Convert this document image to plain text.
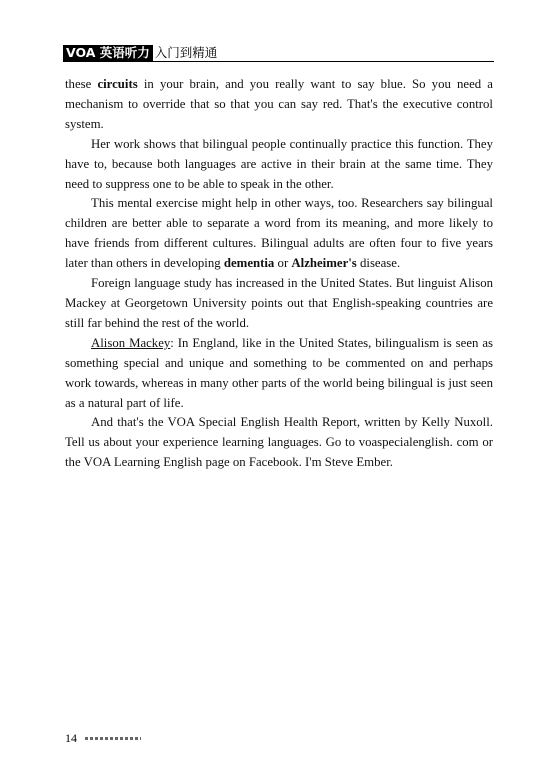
VOA 英语听力 入门到精通

these circuits in your brain, and you really want to say blue. So you need a mechanism to override that so that you can say red. That's the executive control system.

Her work shows that bilingual people continually practice this function. They have to, because both languages are active in their brain at the same time. They need to suppress one to be able to speak in the other.

This mental exercise might help in other ways, too. Researchers say bilingual children are better able to separate a word from its meaning, and more likely to have friends from different cultures. Bilingual adults are often four to five years later than others in developing dementia or Alzheimer's disease.

Foreign language study has increased in the United States. But linguist Alison Mackey at Georgetown University points out that English-speaking countries are still far behind the rest of the world.

Alison Mackey: In England, like in the United States, bilingualism is seen as something special and unique and something to be commented on and perhaps work towards, whereas in many other parts of the world being bilingual is just seen as a natural part of life.

And that's the VOA Special English Health Report, written by Kelly Nuxoll. Tell us about your experience learning languages. Go to voaspecialenglish. com or the VOA Learning English page on Facebook. I'm Steve Ember.

14
